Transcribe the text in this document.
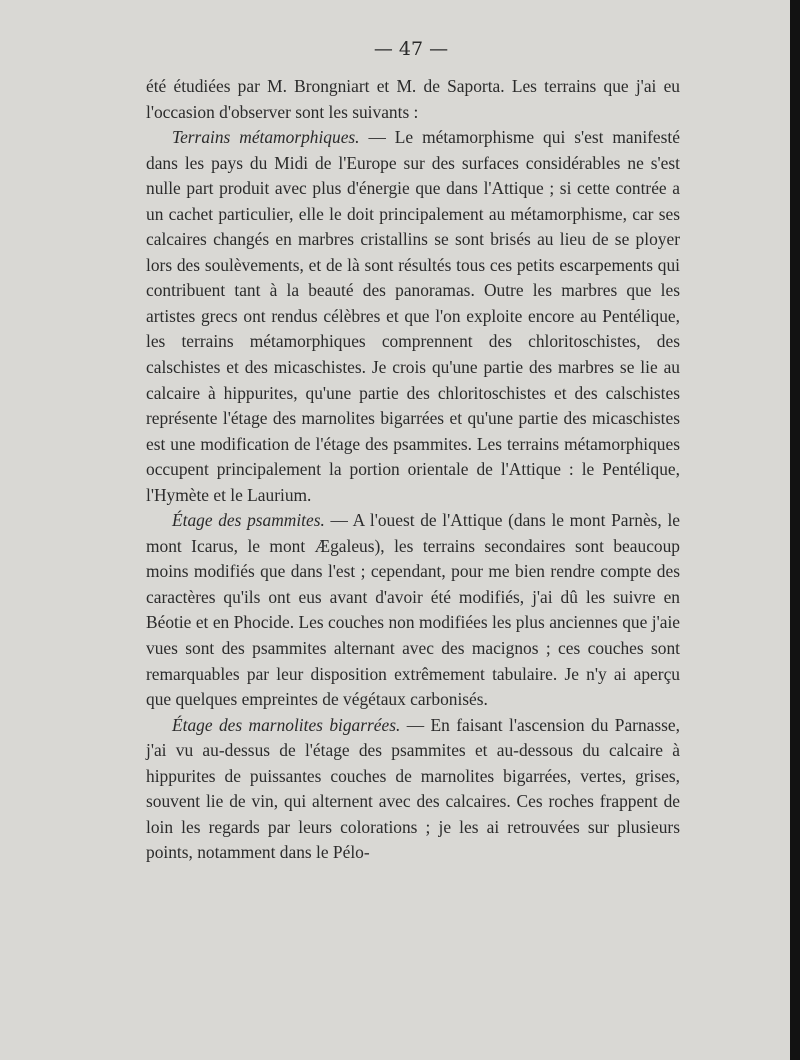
— 47 —

été étudiées par M. Brongniart et M. de Saporta. Les terrains que j'ai eu l'occasion d'observer sont les suivants :

Terrains métamorphiques. — Le métamorphisme qui s'est manifesté dans les pays du Midi de l'Europe sur des surfaces considérables ne s'est nulle part produit avec plus d'énergie que dans l'Attique ; si cette contrée a un cachet particulier, elle le doit principalement au métamorphisme, car ses calcaires changés en marbres cristallins se sont brisés au lieu de se ployer lors des soulèvements, et de là sont résultés tous ces petits escarpements qui contribuent tant à la beauté des panoramas. Outre les marbres que les artistes grecs ont rendus célèbres et que l'on exploite encore au Pentélique, les terrains métamorphiques comprennent des chloritoschistes, des calschistes et des micaschistes. Je crois qu'une partie des marbres se lie au calcaire à hippurites, qu'une partie des chloritoschistes et des calschistes représente l'étage des marnolites bigarrées et qu'une partie des micaschistes est une modification de l'étage des psammites. Les terrains métamorphiques occupent principalement la portion orientale de l'Attique : le Pentélique, l'Hymète et le Laurium.

Étage des psammites. — A l'ouest de l'Attique (dans le mont Parnès, le mont Icarus, le mont Ægaleus), les terrains secondaires sont beaucoup moins modifiés que dans l'est ; cependant, pour me bien rendre compte des caractères qu'ils ont eus avant d'avoir été modifiés, j'ai dû les suivre en Béotie et en Phocide. Les couches non modifiées les plus anciennes que j'aie vues sont des psammites alternant avec des macignos ; ces couches sont remarquables par leur disposition extrêmement tabulaire. Je n'y ai aperçu que quelques empreintes de végétaux carbonisés.

Étage des marnolites bigarrées. — En faisant l'ascension du Parnasse, j'ai vu au-dessus de l'étage des psammites et au-dessous du calcaire à hippurites de puissantes couches de marnolites bigarrées, vertes, grises, souvent lie de vin, qui alternent avec des calcaires. Ces roches frappent de loin les regards par leurs colorations ; je les ai retrouvées sur plusieurs points, notamment dans le Pélo-
